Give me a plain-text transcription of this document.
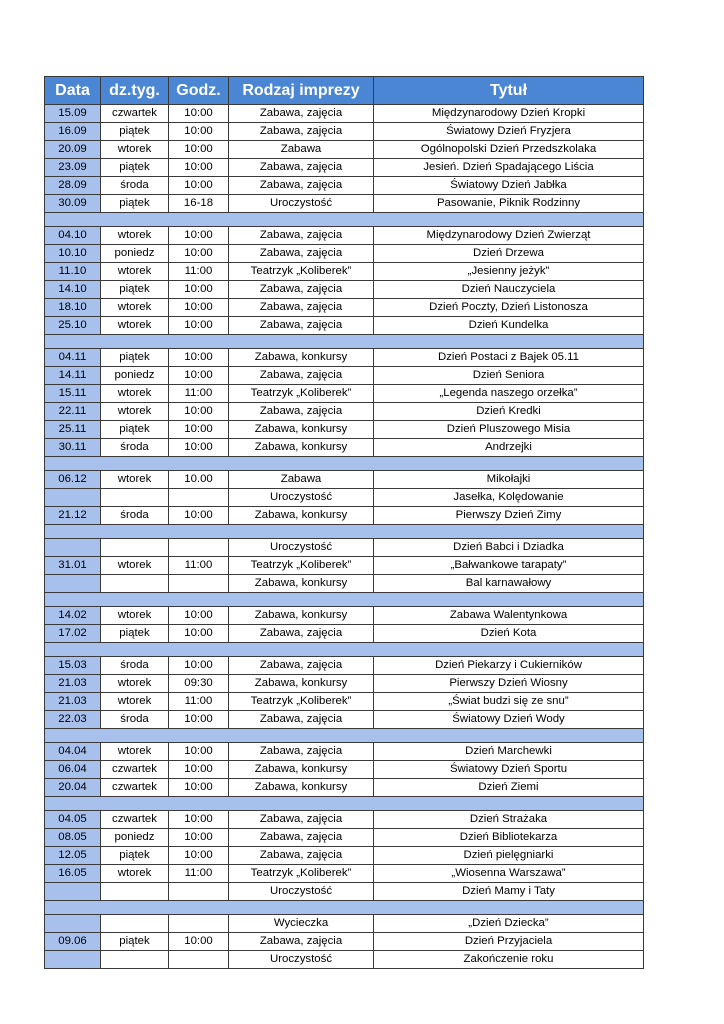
Data	dz.tyg.	Godz.	Rodzaj imprezy	Tytuł
15.09	czwartek	10:00	Zabawa, zajęcia	Międzynarodowy Dzień Kropki
16.09	piątek	10:00	Zabawa, zajęcia	Światowy Dzień Fryzjera
20.09	wtorek	10:00	Zabawa	Ogólnopolski Dzień Przedszkolaka
23.09	piątek	10:00	Zabawa, zajęcia	Jesień. Dzień Spadającego Liścia
28.09	środa	10:00	Zabawa, zajęcia	Światowy Dzień Jabłka
30.09	piątek	16-18	Uroczystość	Pasowanie, Piknik Rodzinny

04.10	wtorek	10:00	Zabawa, zajęcia	Międzynarodowy Dzień Zwierząt
10.10	poniedz	10:00	Zabawa, zajęcia	Dzień Drzewa
11.10	wtorek	11:00	Teatrzyk „Koliberek”	„Jesienny jeżyk”
14.10	piątek	10:00	Zabawa, zajęcia	Dzień Nauczyciela
18.10	wtorek	10:00	Zabawa, zajęcia	Dzień Poczty, Dzień Listonosza
25.10	wtorek	10:00	Zabawa, zajęcia	Dzień Kundelka

04.11	piątek	10:00	Zabawa, konkursy	Dzień Postaci z Bajek 05.11
14.11	poniedz	10:00	Zabawa, zajęcia	Dzień Seniora
15.11	wtorek	11:00	Teatrzyk „Koliberek”	„Legenda naszego orzełka”
22.11	wtorek	10:00	Zabawa, zajęcia	Dzień Kredki
25.11	piątek	10:00	Zabawa, konkursy	Dzień Pluszowego Misia
30.11	środa	10:00	Zabawa, konkursy	Andrzejki

06.12	wtorek	10.00	Zabawa	Mikołajki
			Uroczystość	Jasełka, Kolędowanie
21.12	środa	10:00	Zabawa, konkursy	Pierwszy Dzień Zimy

			Uroczystość	Dzień Babci i Dziadka
31.01	wtorek	11:00	Teatrzyk „Koliberek”	„Bałwankowe tarapaty”
			Zabawa, konkursy	Bal karnawałowy

14.02	wtorek	10:00	Zabawa, konkursy	Zabawa Walentynkowa
17.02	piątek	10:00	Zabawa, zajęcia	Dzień Kota

15.03	środa	10:00	Zabawa, zajęcia	Dzień Piekarzy i Cukierników
21.03	wtorek	09:30	Zabawa, konkursy	Pierwszy Dzień Wiosny
21.03	wtorek	11:00	Teatrzyk „Koliberek”	„Świat budzi się ze snu”
22.03	środa	10:00	Zabawa, zajęcia	Światowy Dzień Wody

04.04	wtorek	10:00	Zabawa, zajęcia	Dzień Marchewki
06.04	czwartek	10:00	Zabawa, konkursy	Światowy Dzień Sportu
20.04	czwartek	10:00	Zabawa, konkursy	Dzień Ziemi

04.05	czwartek	10:00	Zabawa, zajęcia	Dzień Strażaka
08.05	poniedz	10:00	Zabawa, zajęcia	Dzień Bibliotekarza
12.05	piątek	10:00	Zabawa, zajęcia	Dzień pielęgniarki
16.05	wtorek	11:00	Teatrzyk „Koliberek”	„Wiosenna Warszawa”
			Uroczystość	Dzień Mamy i Taty

			Wycieczka	„Dzień Dziecka”
09.06	piątek	10:00	Zabawa, zajęcia	Dzień Przyjaciela
			Uroczystość	Zakończenie roku
